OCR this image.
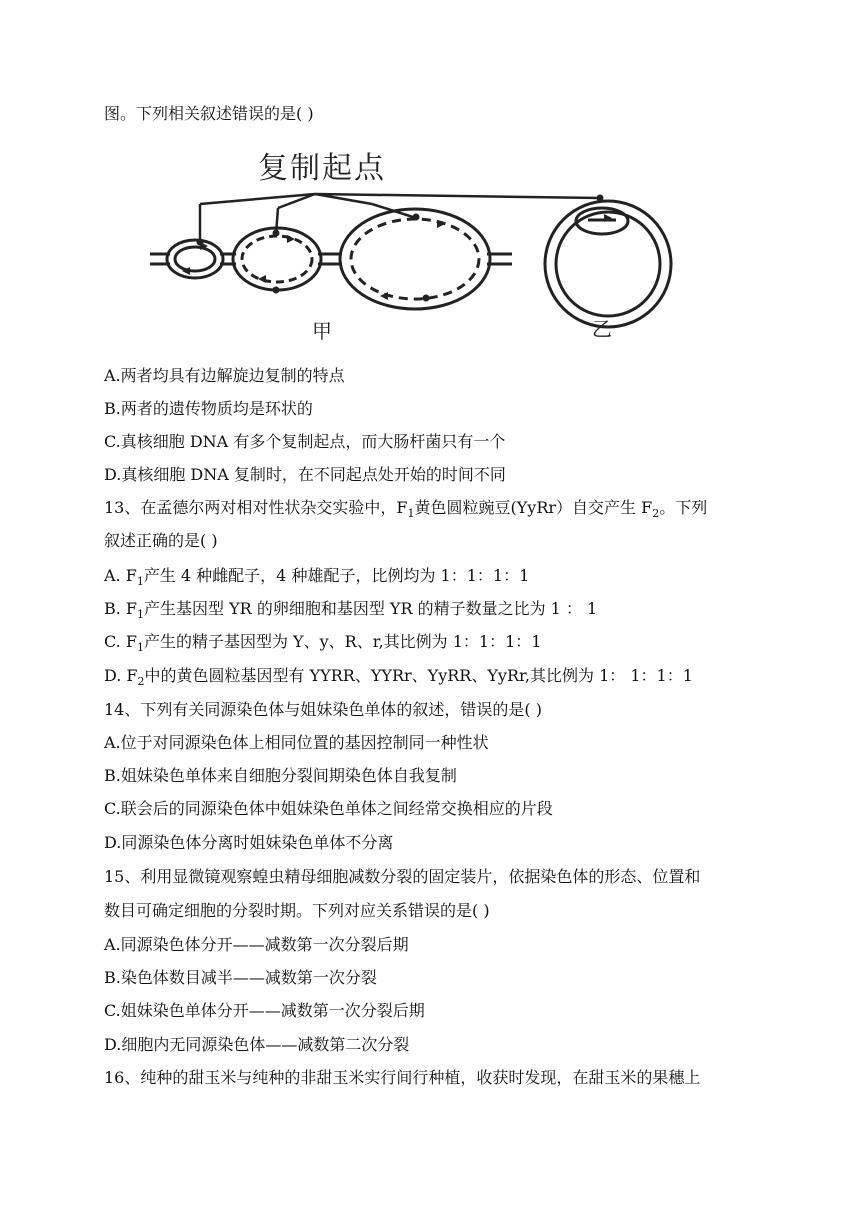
图。下列相关叙述错误的是( )
复制起点
甲	乙
A.两者均具有边解旋边复制的特点
B.两者的遗传物质均是环状的
C.真核细胞 DNA 有多个复制起点，而大肠杆菌只有一个
D.真核细胞 DNA 复制时，在不同起点处开始的时间不同
13、在孟德尔两对相对性状杂交实验中，$F_1$黄色圆粒豌豆(YyRr）自交产生 $F_2$。下列
叙述正确的是( )
A. $F_1$产生 4 种雌配子，4 种雄配子，比例均为 1：1：1：1
B. $F_1$产生基因型 YR 的卵细胞和基因型 YR 的精子数量之比为 1 ： 1
C. $F_1$产生的精子基因型为 Y、y、R、r,其比例为 1：1：1：1
D. $F_2$中的黄色圆粒基因型有 YYRR、YYRr、YyRR、YyRr,其比例为 1： 1：1：1
14、下列有关同源染色体与姐妹染色单体的叙述，错误的是( )
A.位于对同源染色体上相同位置的基因控制同一种性状
B.姐妹染色单体来自细胞分裂间期染色体自我复制
C.联会后的同源染色体中姐妹染色单体之间经常交换相应的片段
D.同源染色体分离时姐妹染色单体不分离
15、利用显微镜观察蝗虫精母细胞减数分裂的固定装片，依据染色体的形态、位置和
数目可确定细胞的分裂时期。下列对应关系错误的是( )
A.同源染色体分开——减数第一次分裂后期
B.染色体数目减半——减数第一次分裂
C.姐妹染色单体分开——减数第一次分裂后期
D.细胞内无同源染色体——减数第二次分裂
16、纯种的甜玉米与纯种的非甜玉米实行间行种植，收获时发现，在甜玉米的果穗上
